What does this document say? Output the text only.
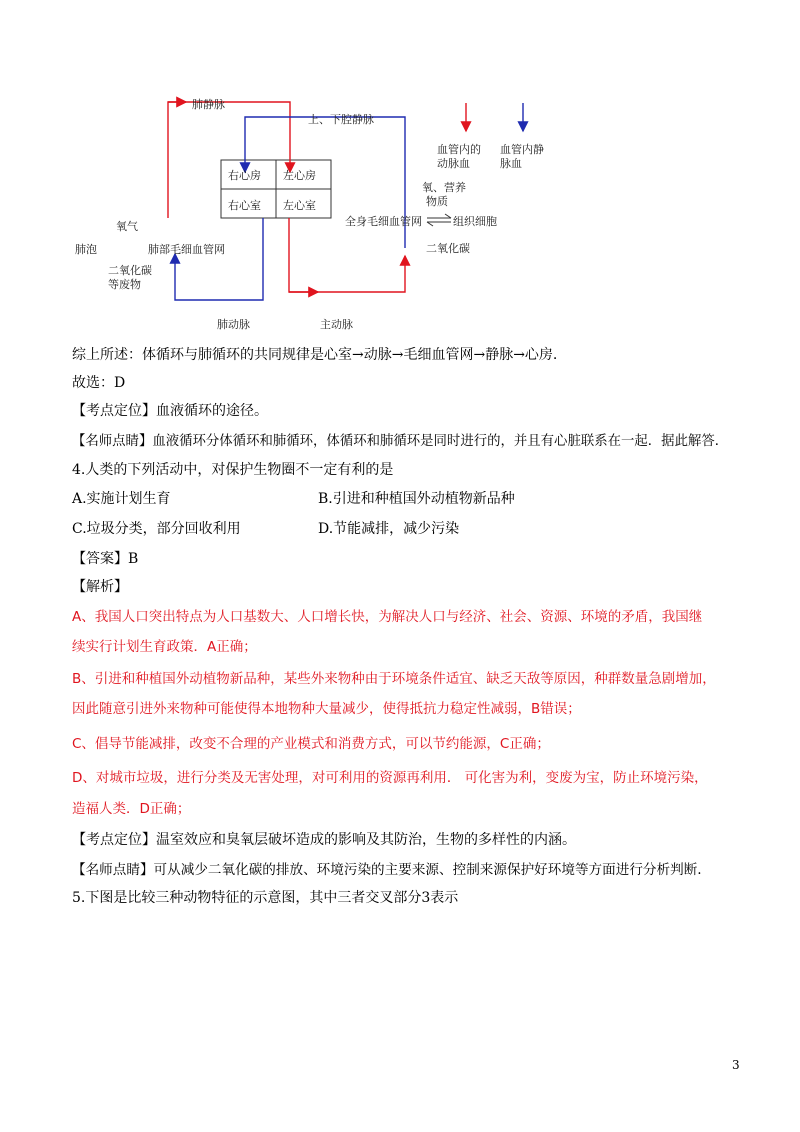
肺静脉
上、下腔静脉
右心房 左心房
右心室 左心室
氧气
肺泡	肺部毛细血管网
二氧化碳
等废物
肺动脉	主动脉
血管内的
动脉血
血管内静
脉血
氧、营养
物质
全身毛细血管网	组织细胞
二氧化碳
综上所述：体循环与肺循环的共同规律是心室→动脉→毛细血管网→静脉→心房.
故选：D
【考点定位】血液循环的途径。
【名师点睛】血液循环分体循环和肺循环，体循环和肺循环是同时进行的，并且有心脏联系在一起．据此解答．
4.人类的下列活动中，对保护生物圈不一定有利的是
A.实施计划生育	B.引进和种植国外动植物新品种
C.垃圾分类，部分回收利用	D.节能减排，减少污染
【答案】B
【解析】
A、我国人口突出特点为人口基数大、人口增长快，为解决人口与经济、社会、资源、环境的矛盾，我国继
续实行计划生育政策．A正确；
B、引进和种植国外动植物新品种，某些外来物种由于环境条件适宜、缺乏天敌等原因，种群数量急剧增加，
因此随意引进外来物种可能使得本地物种大量减少，使得抵抗力稳定性减弱，B错误；
C、倡导节能减排，改变不合理的产业模式和消费方式，可以节约能源，C正确；
D、对城市垃圾，进行分类及无害处理，对可利用的资源再利用． 可化害为利，变废为宝，防止环境污染，
造福人类．D正确；
【考点定位】温室效应和臭氧层破坏造成的影响及其防治，生物的多样性的内涵。
【名师点睛】可从减少二氧化碳的排放、环境污染的主要来源、控制来源保护好环境等方面进行分析判断.
5.下图是比较三种动物特征的示意图，其中三者交叉部分3表示
3
